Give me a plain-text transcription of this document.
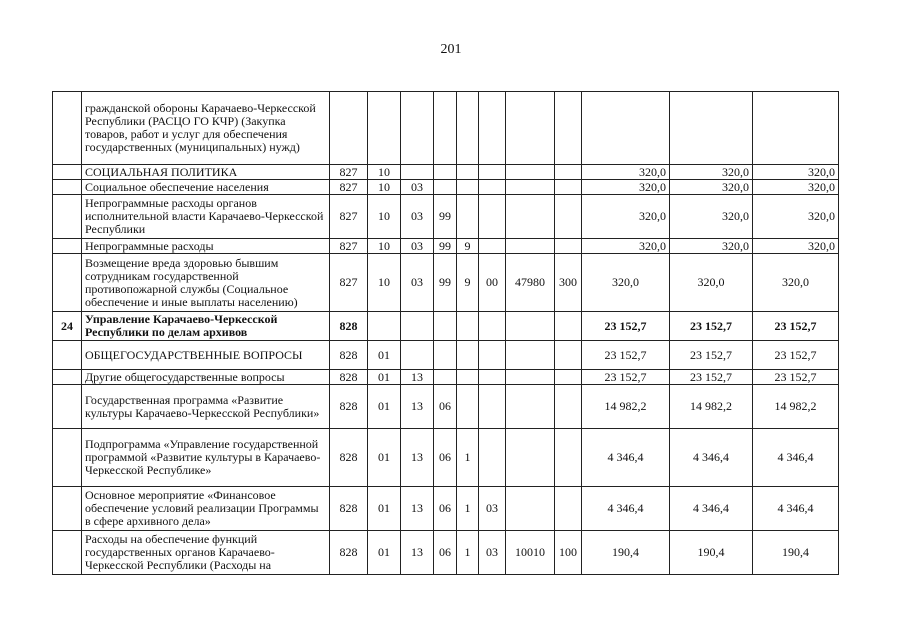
201
	гражданской обороны Карачаево-Черкесской Республики (РАСЦО ГО КЧР) (Закупка товаров, работ и услуг для обеспечения государственных (муниципальных) нужд)											
	СОЦИАЛЬНАЯ ПОЛИТИКА	827	10							320,0	320,0	320,0
	Социальное обеспечение населения	827	10	03						320,0	320,0	320,0
	Непрограммные расходы органов исполнительной власти Карачаево-Черкесской Республики	827	10	03	99					320,0	320,0	320,0
	Непрограммные расходы	827	10	03	99	9				320,0	320,0	320,0
	Возмещение вреда здоровью бывшим сотрудникам государственной противопожарной службы (Социальное обеспечение и иные выплаты населению)	827	10	03	99	9	00	47980	300	320,0	320,0	320,0
24	Управление Карачаево-Черкесской Республики по делам архивов	828								23 152,7	23 152,7	23 152,7
	ОБЩЕГОСУДАРСТВЕННЫЕ ВОПРОСЫ	828	01							23 152,7	23 152,7	23 152,7
	Другие общегосударственные вопросы	828	01	13						23 152,7	23 152,7	23 152,7
	Государственная программа «Развитие культуры Карачаево-Черкесской Республики»	828	01	13	06					14 982,2	14 982,2	14 982,2
	Подпрограмма «Управление государственной программой «Развитие культуры в Карачаево-Черкесской Республике»	828	01	13	06	1				4 346,4	4 346,4	4 346,4
	Основное мероприятие «Финансовое обеспечение условий реализации Программы в сфере архивного дела»	828	01	13	06	1	03			4 346,4	4 346,4	4 346,4
	Расходы на обеспечение функций государственных органов Карачаево-Черкесской Республики (Расходы на	828	01	13	06	1	03	10010	100	190,4	190,4	190,4
